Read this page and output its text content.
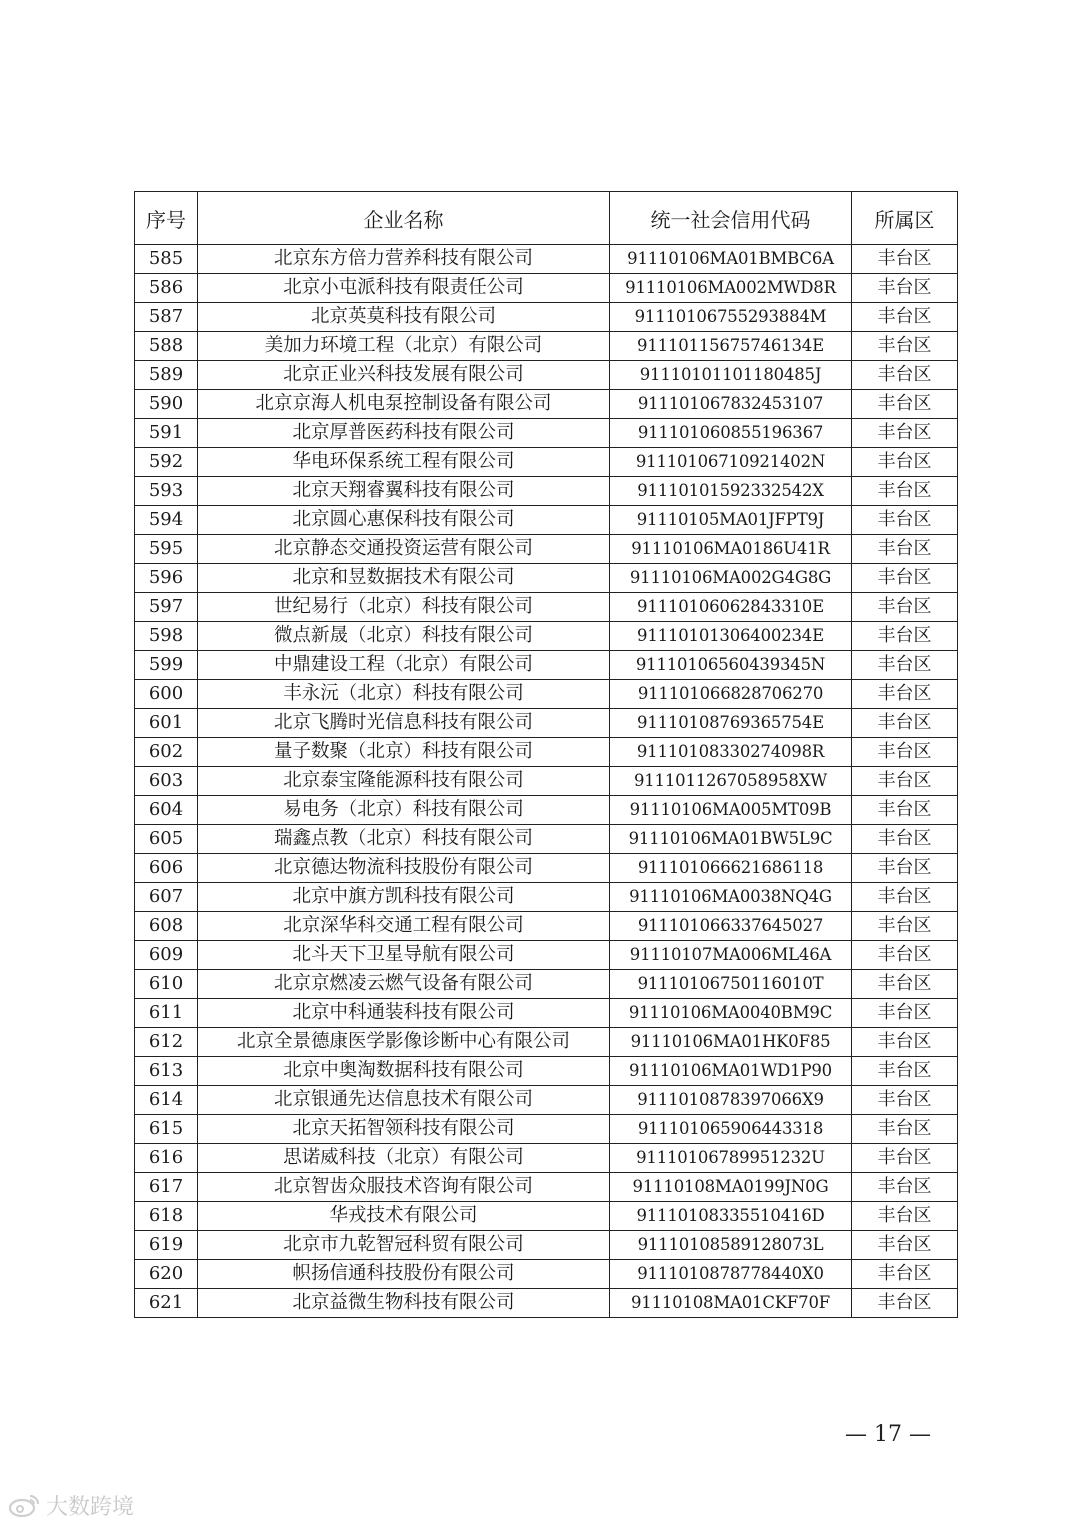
序号	企业名称	统一社会信用代码	所属区
585	北京东方倍力营养科技有限公司	91110106MA01BMBC6A	丰台区
586	北京小屯派科技有限责任公司	91110106MA002MWD8R	丰台区
587	北京英莫科技有限公司	91110106755293884M	丰台区
588	美加力环境工程（北京）有限公司	91110115675746134E	丰台区
589	北京正业兴科技发展有限公司	91110101101180485J	丰台区
590	北京京海人机电泵控制设备有限公司	911101067832453107	丰台区
591	北京厚普医药科技有限公司	911101060855196367	丰台区
592	华电环保系统工程有限公司	91110106710921402N	丰台区
593	北京天翔睿翼科技有限公司	91110101592332542X	丰台区
594	北京圆心惠保科技有限公司	91110105MA01JFPT9J	丰台区
595	北京静态交通投资运营有限公司	91110106MA0186U41R	丰台区
596	北京和昱数据技术有限公司	91110106MA002G4G8G	丰台区
597	世纪易行（北京）科技有限公司	91110106062843310E	丰台区
598	微点新晟（北京）科技有限公司	91110101306400234E	丰台区
599	中鼎建设工程（北京）有限公司	91110106560439345N	丰台区
600	丰永沅（北京）科技有限公司	911101066828706270	丰台区
601	北京飞腾时光信息科技有限公司	91110108769365754E	丰台区
602	量子数聚（北京）科技有限公司	91110108330274098R	丰台区
603	北京泰宝隆能源科技有限公司	9111011267058958XW	丰台区
604	易电务（北京）科技有限公司	91110106MA005MT09B	丰台区
605	瑞鑫点教（北京）科技有限公司	91110106MA01BW5L9C	丰台区
606	北京德达物流科技股份有限公司	911101066621686118	丰台区
607	北京中旗方凯科技有限公司	91110106MA0038NQ4G	丰台区
608	北京深华科交通工程有限公司	911101066337645027	丰台区
609	北斗天下卫星导航有限公司	91110107MA006ML46A	丰台区
610	北京京燃凌云燃气设备有限公司	91110106750116010T	丰台区
611	北京中科通装科技有限公司	91110106MA0040BM9C	丰台区
612	北京全景德康医学影像诊断中心有限公司	91110106MA01HK0F85	丰台区
613	北京中奥淘数据科技有限公司	91110106MA01WD1P90	丰台区
614	北京银通先达信息技术有限公司	9111010878397066X9	丰台区
615	北京天拓智领科技有限公司	911101065906443318	丰台区
616	思诺威科技（北京）有限公司	91110106789951232U	丰台区
617	北京智齿众服技术咨询有限公司	91110108MA0199JN0G	丰台区
618	华戎技术有限公司	91110108335510416D	丰台区
619	北京市九乾智冠科贸有限公司	91110108589128073L	丰台区
620	帜扬信通科技股份有限公司	9111010878778440X0	丰台区
621	北京益微生物科技有限公司	91110108MA01CKF70F	丰台区
— 17 —
大数跨境
